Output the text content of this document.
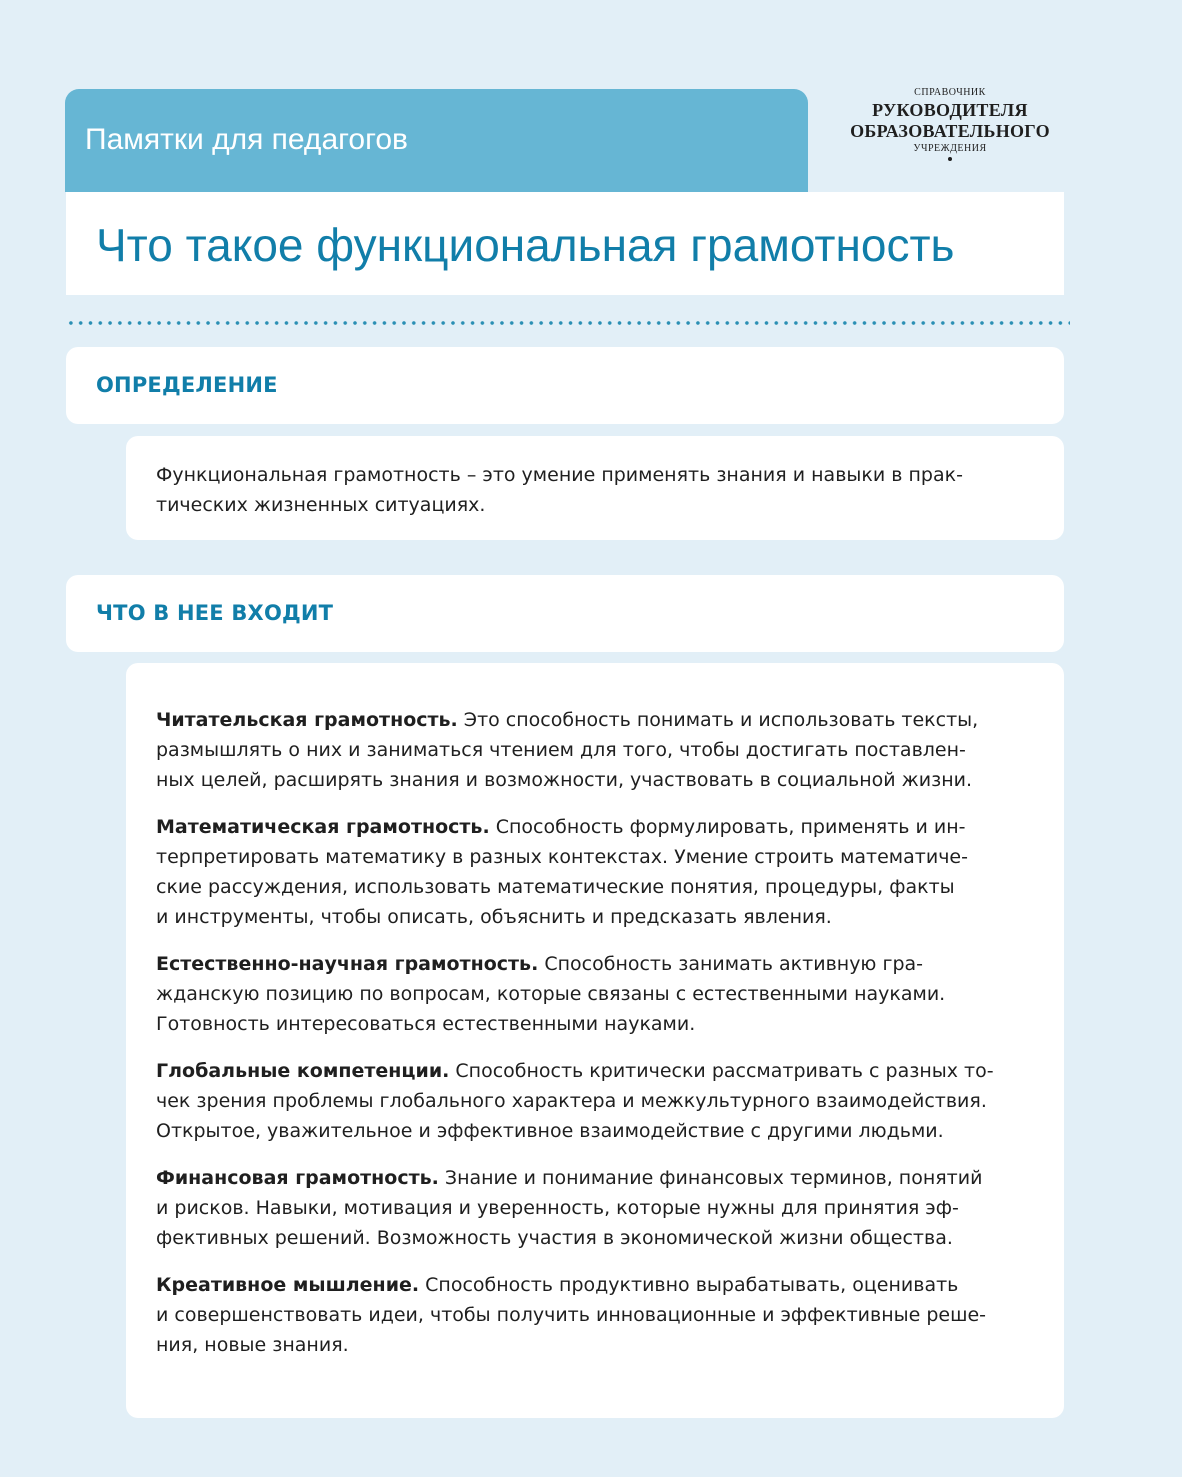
Памятки для педагогов
СПРАВОЧНИК
РУКОВОДИТЕЛЯ
ОБРАЗОВАТЕЛЬНОГО
УЧРЕЖДЕНИЯ
Что такое функциональная грамотность
ОПРЕДЕЛЕНИЕ

Функциональная грамотность – это умение применять знания и навыки в прак-
тических жизненных ситуациях.

ЧТО В НЕЕ ВХОДИТ

Читательская грамотность. Это способность понимать и использовать тексты,
размышлять о них и заниматься чтением для того, чтобы достигать поставлен-
ных целей, расширять знания и возможности, участвовать в социальной жизни.

Математическая грамотность. Способность формулировать, применять и ин-
терпретировать математику в разных контекстах. Умение строить математиче-
ские рассуждения, использовать математические понятия, процедуры, факты
и инструменты, чтобы описать, объяснить и предсказать явления.

Естественно-научная грамотность. Способность занимать активную гра-
жданскую позицию по вопросам, которые связаны с естественными науками.
Готовность интересоваться естественными науками.

Глобальные компетенции. Способность критически рассматривать с разных то-
чек зрения проблемы глобального характера и межкультурного взаимодействия.
Открытое, уважительное и эффективное взаимодействие с другими людьми.

Финансовая грамотность. Знание и понимание финансовых терминов, понятий
и рисков. Навыки, мотивация и уверенность, которые нужны для принятия эф-
фективных решений. Возможность участия в экономической жизни общества.

Креативное мышление. Способность продуктивно вырабатывать, оценивать
и совершенствовать идеи, чтобы получить инновационные и эффективные реше-
ния, новые знания.
